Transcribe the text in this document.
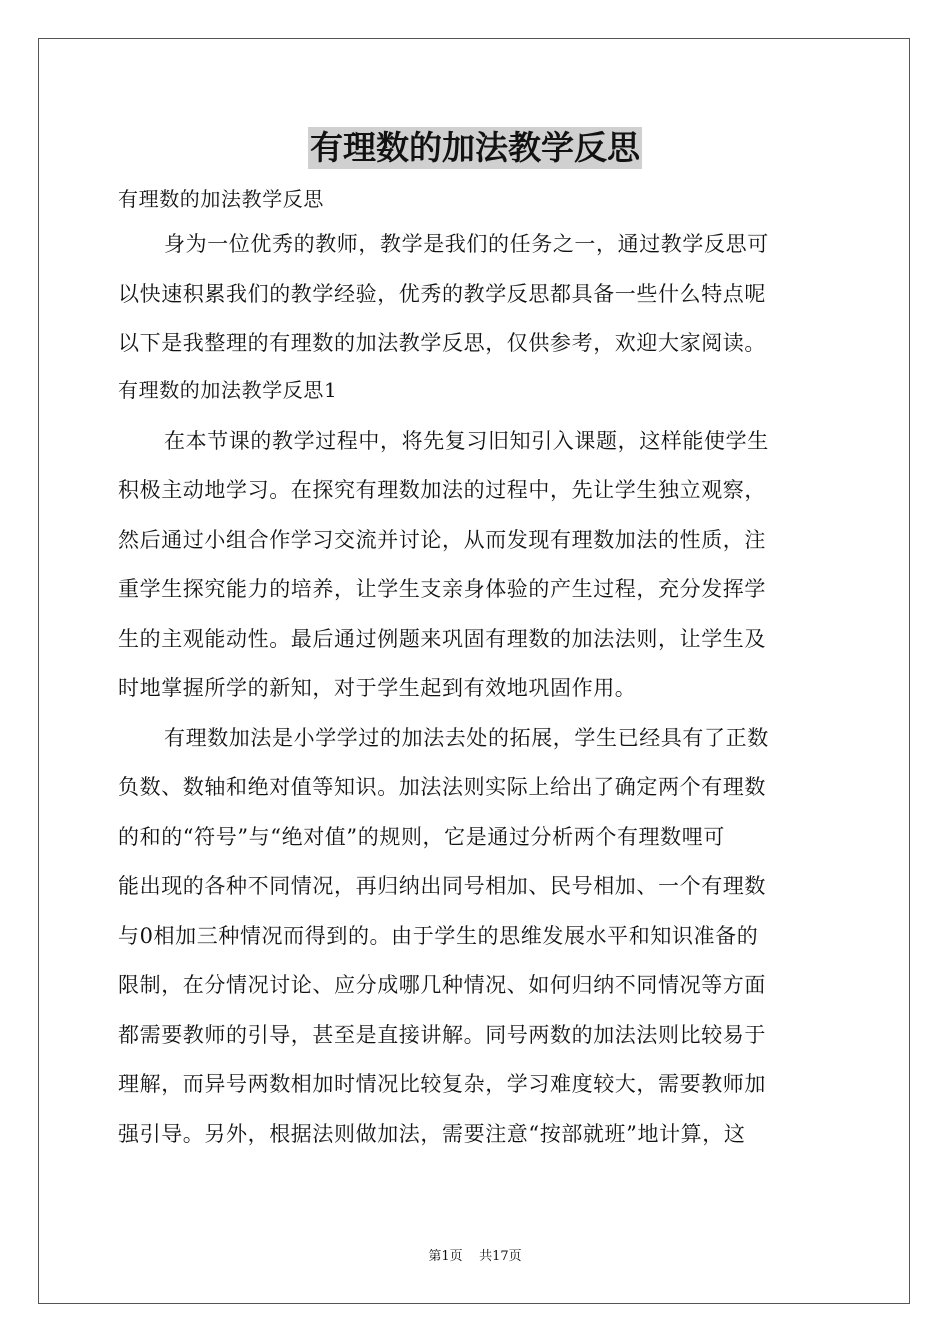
有理数的加法教学反思
有理数的加法教学反思
身为一位优秀的教师，教学是我们的任务之一，通过教学反思可
以快速积累我们的教学经验，优秀的教学反思都具备一些什么特点呢
以下是我整理的有理数的加法教学反思，仅供参考，欢迎大家阅读。
有理数的加法教学反思1
在本节课的教学过程中，将先复习旧知引入课题，这样能使学生
积极主动地学习。在探究有理数加法的过程中，先让学生独立观察，
然后通过小组合作学习交流并讨论，从而发现有理数加法的性质，注
重学生探究能力的培养，让学生支亲身体验的产生过程，充分发挥学
生的主观能动性。最后通过例题来巩固有理数的加法法则，让学生及
时地掌握所学的新知，对于学生起到有效地巩固作用。
有理数加法是小学学过的加法去处的拓展，学生已经具有了正数
负数、数轴和绝对值等知识。加法法则实际上给出了确定两个有理数
的和的“符号”与“绝对值”的规则，它是通过分析两个有理数哩可
能出现的各种不同情况，再归纳出同号相加、民号相加、一个有理数
与0相加三种情况而得到的。由于学生的思维发展水平和知识准备的
限制，在分情况讨论、应分成哪几种情况、如何归纳不同情况等方面
都需要教师的引导，甚至是直接讲解。同号两数的加法法则比较易于
理解，而异号两数相加时情况比较复杂，学习难度较大，需要教师加
强引导。另外，根据法则做加法，需要注意“按部就班”地计算，这
第1页 共17页
